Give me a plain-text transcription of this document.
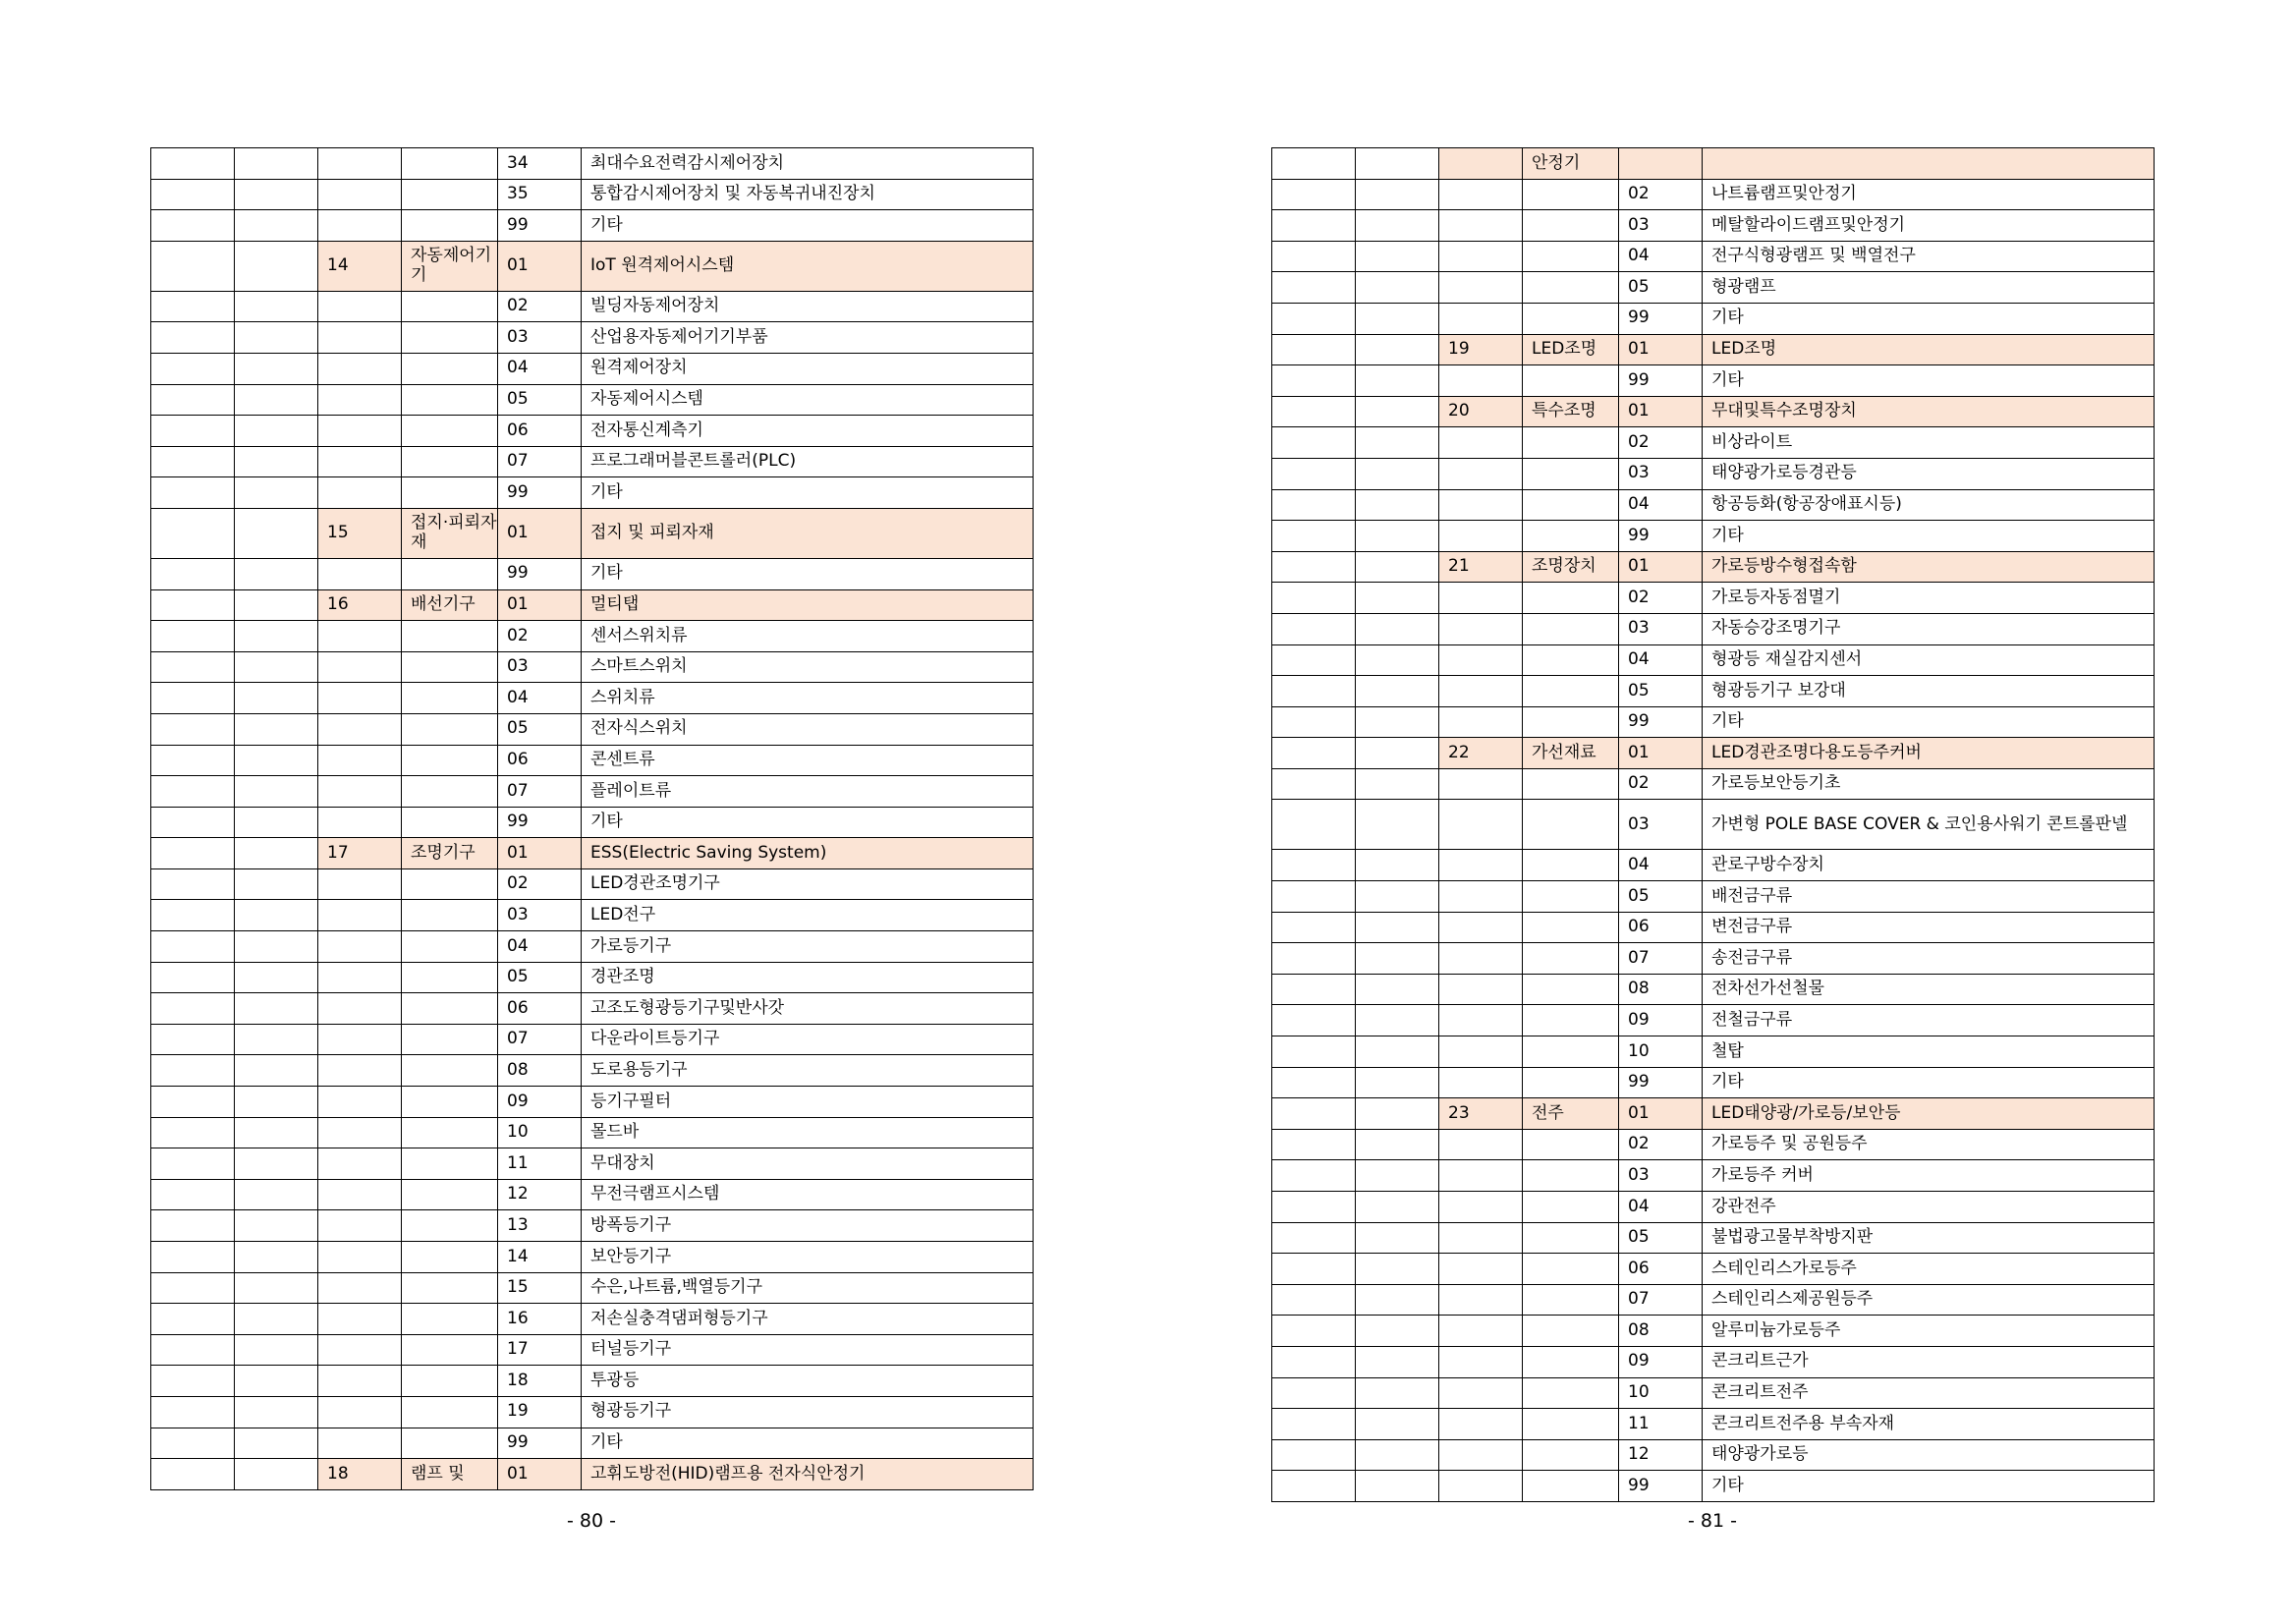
				34	최대수요전력감시제어장치
				35	통합감시제어장치 및 자동복귀내진장치
				99	기타
		14	자동제어기기	01	IoT 원격제어시스템
				02	빌딩자동제어장치
				03	산업용자동제어기기부품
				04	원격제어장치
				05	자동제어시스템
				06	전자통신계측기
				07	프로그래머블콘트롤러(PLC)
				99	기타
		15	접지·피뢰자재	01	접지 및 피뢰자재
				99	기타
		16	배선기구	01	멀티탭
				02	센서스위치류
				03	스마트스위치
				04	스위치류
				05	전자식스위치
				06	콘센트류
				07	플레이트류
				99	기타
		17	조명기구	01	ESS(Electric Saving System)
				02	LED경관조명기구
				03	LED전구
				04	가로등기구
				05	경관조명
				06	고조도형광등기구및반사갓
				07	다운라이트등기구
				08	도로용등기구
				09	등기구필터
				10	몰드바
				11	무대장치
				12	무전극램프시스템
				13	방폭등기구
				14	보안등기구
				15	수은,나트륨,백열등기구
				16	저손실충격댐퍼형등기구
				17	터널등기구
				18	투광등
				19	형광등기구
				99	기타
		18	램프 및	01	고휘도방전(HID)램프용 전자식안정기
- 80 -
			안정기		
				02	나트륨램프및안정기
				03	메탈할라이드램프및안정기
				04	전구식형광램프 및 백열전구
				05	형광램프
				99	기타
		19	LED조명	01	LED조명
				99	기타
		20	특수조명	01	무대및특수조명장치
				02	비상라이트
				03	태양광가로등경관등
				04	항공등화(항공장애표시등)
				99	기타
		21	조명장치	01	가로등방수형접속함
				02	가로등자동점멸기
				03	자동승강조명기구
				04	형광등 재실감지센서
				05	형광등기구 보강대
				99	기타
		22	가선재료	01	LED경관조명다용도등주커버
				02	가로등보안등기초
				03	가변형 POLE BASE COVER & 코인용사워기 콘트롤판넬
				04	관로구방수장치
				05	배전금구류
				06	변전금구류
				07	송전금구류
				08	전차선가선철물
				09	전철금구류
				10	철탑
				99	기타
		23	전주	01	LED태양광/가로등/보안등
				02	가로등주 및 공원등주
				03	가로등주 커버
				04	강관전주
				05	불법광고물부착방지판
				06	스테인리스가로등주
				07	스테인리스제공원등주
				08	알루미늄가로등주
				09	콘크리트근가
				10	콘크리트전주
				11	콘크리트전주용 부속자재
				12	태양광가로등
				99	기타
- 81 -
